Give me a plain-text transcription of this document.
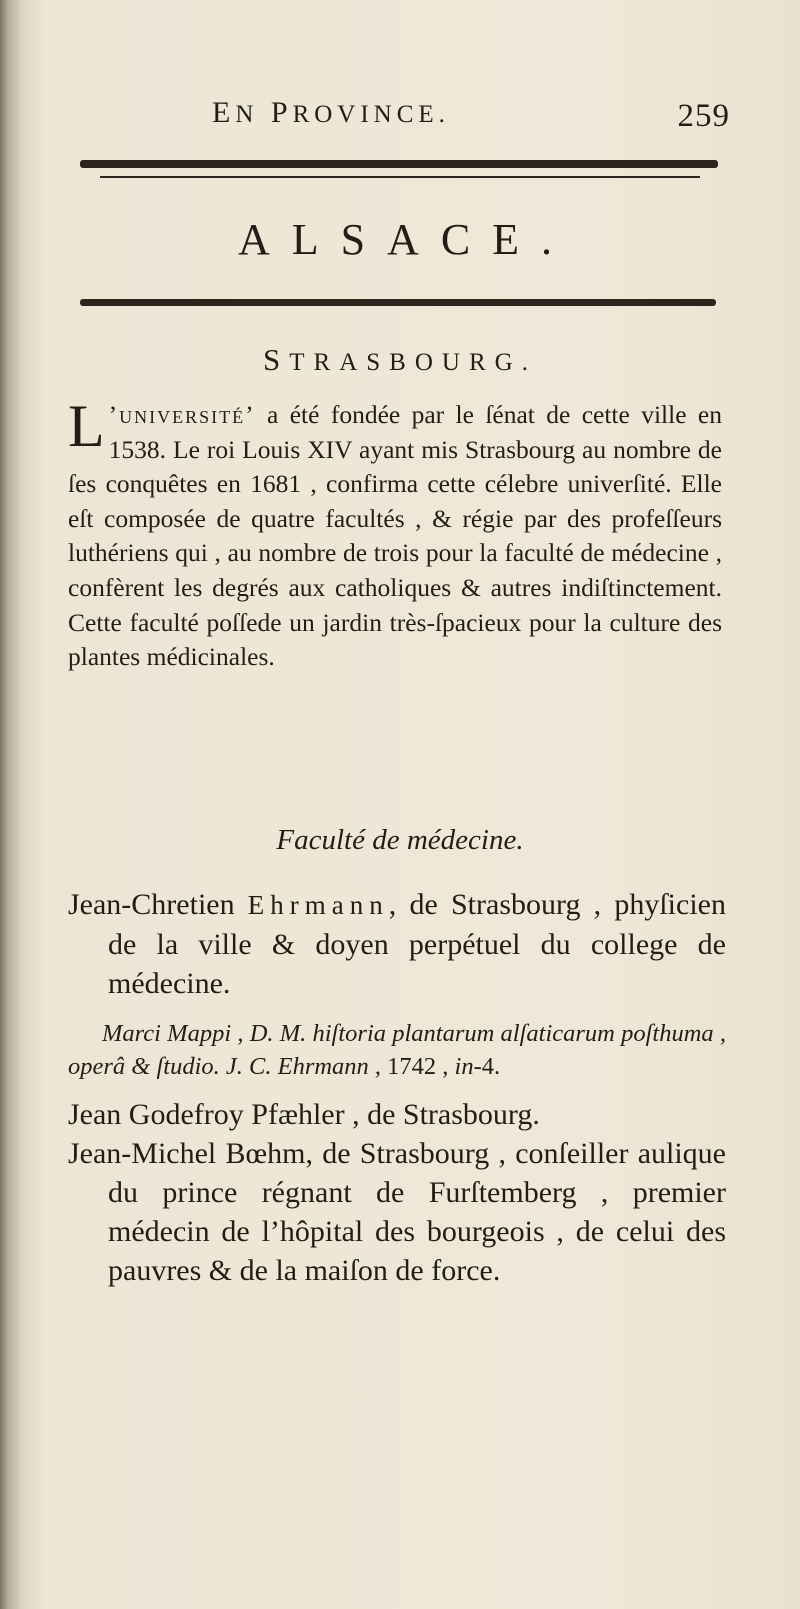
EN PROVINCE.	259
ALSACE.
STRASBOURG.

L ’université’ a été fondée par le ſénat de cette ville en 1538. Le roi Louis XIV ayant mis Strasbourg au nombre de ſes conquêtes en 1681 , confirma cette célebre univerſité. Elle eſt composée de quatre facultés , & régie par des profeſſeurs luthériens qui , au nombre de trois pour la faculté de médecine , confèrent les degrés aux catholiques & autres indiſtinctement. Cette faculté poſſede un jardin très-ſpacieux pour la culture des plantes médicinales.

Faculté de médecine.

Jean-Chretien Ehrmann, de Strasbourg , phyſicien de la ville & doyen perpétuel du college de médecine.

Marci Mappi , D. M. hiſtoria plantarum alſaticarum poſthuma , operâ & ſtudio. J. C. Ehrmann , 1742 , in-4.

Jean Godefroy Pfæhler , de Strasbourg.

Jean-Michel Bœhm, de Strasbourg , conſeiller aulique du prince régnant de Furſtemberg , premier médecin de l’hôpital des bourgeois , de celui des pauvres & de la maiſon de force.
